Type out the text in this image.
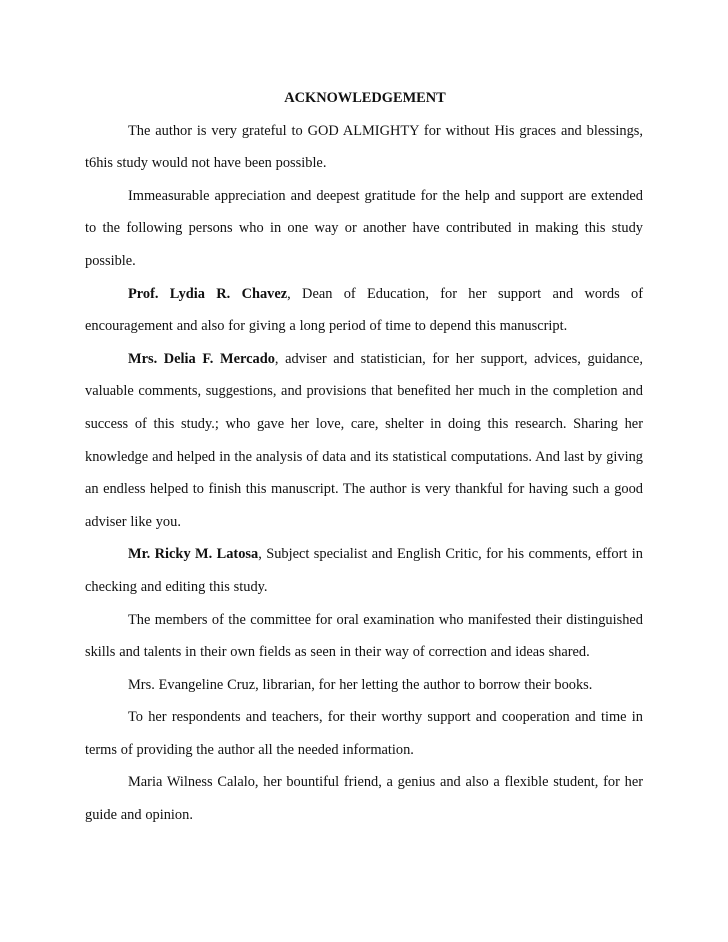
ACKNOWLEDGEMENT

The author is very grateful to GOD ALMIGHTY for without His graces and blessings, t6his study would not have been possible.

Immeasurable appreciation and deepest gratitude for the help and support are extended to the following persons who in one way or another have contributed in making this study possible.

Prof. Lydia R. Chavez, Dean of Education, for her support and words of encouragement and also for giving a long period of time to depend this manuscript.

Mrs. Delia F. Mercado, adviser and statistician, for her support, advices, guidance, valuable comments, suggestions, and provisions that benefited her much in the completion and success of this study.; who gave her love, care, shelter in doing this research. Sharing her knowledge and helped in the analysis of data and its statistical computations. And last by giving an endless helped to finish this manuscript. The author is very thankful for having such a good adviser like you.

Mr. Ricky M. Latosa, Subject specialist and English Critic, for his comments, effort in checking and editing this study.

The members of the committee for oral examination who manifested their distinguished skills and talents in their own fields as seen in their way of correction and ideas shared.

Mrs. Evangeline Cruz, librarian, for her letting the author to borrow their books.

To her respondents and teachers, for their worthy support and cooperation and time in terms of providing the author all the needed information.

Maria Wilness Calalo, her bountiful friend, a genius and also a flexible student, for her guide and opinion.
